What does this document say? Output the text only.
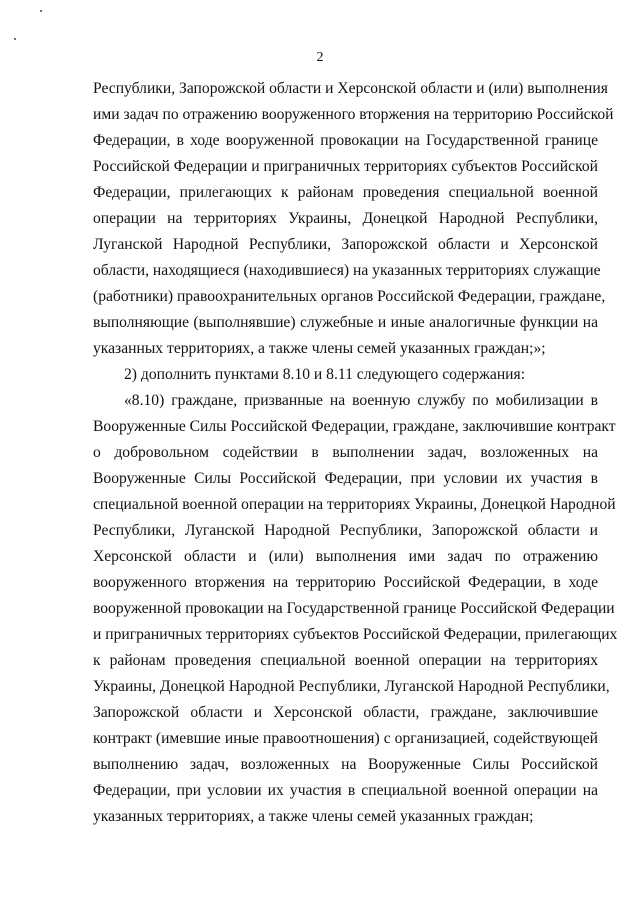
2
Республики, Запорожской области и Херсонской области и (или) выполнения
ими задач по отражению вооруженного вторжения на территорию Российской
Федерации, в ходе вооруженной провокации на Государственной границе
Российской Федерации и приграничных территориях субъектов Российской
Федерации, прилегающих к районам проведения специальной военной
операции на территориях Украины, Донецкой Народной Республики,
Луганской Народной Республики, Запорожской области и Херсонской
области, находящиеся (находившиеся) на указанных территориях служащие
(работники) правоохранительных органов Российской Федерации, граждане,
выполняющие (выполнявшие) служебные и иные аналогичные функции на
указанных территориях, а также члены семей указанных граждан;»;
2) дополнить пунктами 8.10 и 8.11 следующего содержания:
«8.10) граждане, призванные на военную службу по мобилизации в
Вооруженные Силы Российской Федерации, граждане, заключившие контракт
о добровольном содействии в выполнении задач, возложенных на
Вооруженные Силы Российской Федерации, при условии их участия в
специальной военной операции на территориях Украины, Донецкой Народной
Республики, Луганской Народной Республики, Запорожской области и
Херсонской области и (или) выполнения ими задач по отражению
вооруженного вторжения на территорию Российской Федерации, в ходе
вооруженной провокации на Государственной границе Российской Федерации
и приграничных территориях субъектов Российской Федерации, прилегающих
к районам проведения специальной военной операции на территориях
Украины, Донецкой Народной Республики, Луганской Народной Республики,
Запорожской области и Херсонской области, граждане, заключившие
контракт (имевшие иные правоотношения) с организацией, содействующей
выполнению задач, возложенных на Вооруженные Силы Российской
Федерации, при условии их участия в специальной военной операции на
указанных территориях, а также члены семей указанных граждан;
